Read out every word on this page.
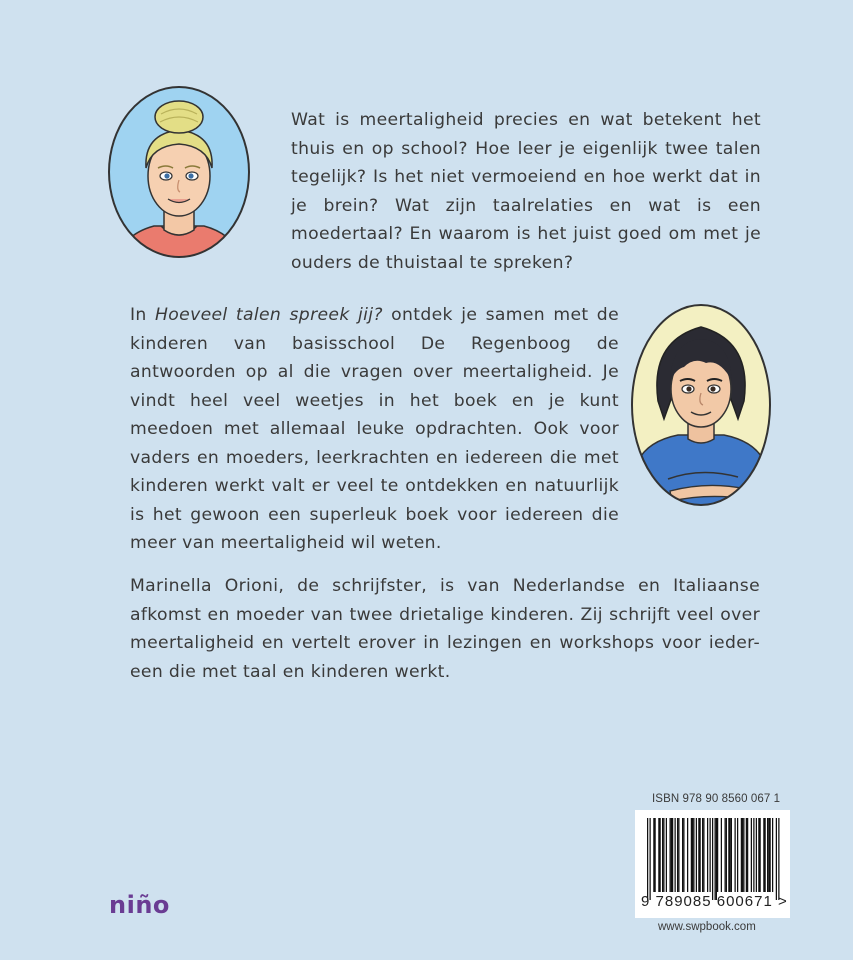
Wat is meertaligheid precies en wat betekent het thuis en op school? Hoe leer je eigenlijk twee talen tegelijk? Is het niet vermoeiend en hoe werkt dat in je brein? Wat zijn taalrelaties en wat is een moedertaal? En waarom is het juist goed om met je ouders de thuistaal te spreken?

In Hoeveel talen spreek jij? ontdek je samen met de kinderen van basisschool De Regenboog de antwoorden op al die vragen over meertaligheid. Je vindt heel veel weetjes in het boek en je kunt meedoen met allemaal leuke opdrachten. Ook voor vaders en moeders, leerkrachten en iedereen die met kinderen werkt valt er veel te ontdekken en natuurlijk is het gewoon een superleuk boek voor iedereen die meer van meertaligheid wil weten.

Marinella Orioni, de schrijfster, is van Nederlandse en Italiaanse afkomst en moeder van twee drietalige kinderen. Zij schrijft veel over meertaligheid en vertelt erover in lezingen en workshops voor ieder-een die met taal en kinderen werkt.

ISBN 978 90 8560 067 1
9 789085 600671 >
www.swpbook.com
niño
